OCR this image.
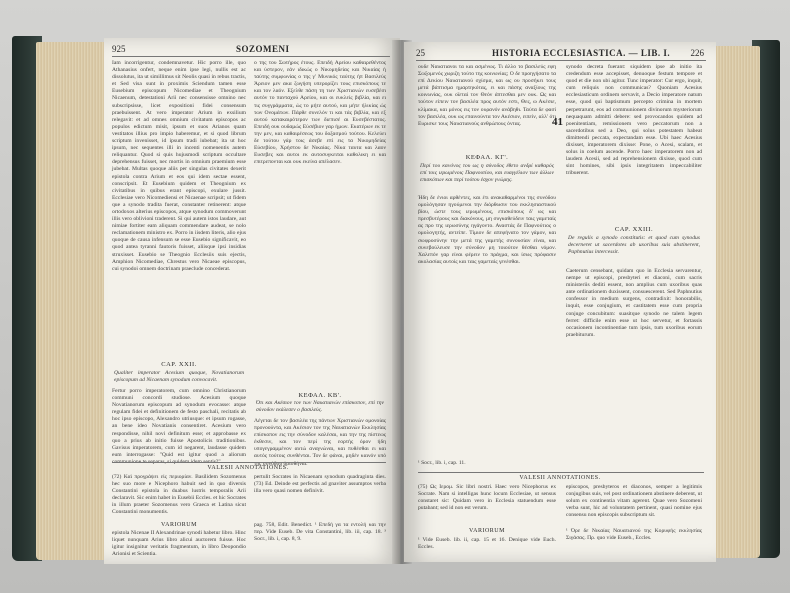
925	SOZOMENI
Iam incorrigentur, condemnavetur. Hic porro ille, quo Athanasius onfert, neque enim ipse legi, nullis est ac dissolutus, ita ut simillimus sit Neolis quasi in rebus tractis, et Sed visa sunt in proximis Sciendum tamen esse Eusebium episcopum Nicomediae et Theognium Nicaenum, detestationi Arii nec consensisse omnino nec subscripsisse, licet expositioni fidei consensum praebuissent. At vero imperator Arium in exsilium relegavit: et ad omnes omnium civitatum episcopos ac populos edictum misit, ipsum et suos Arianos quam vestitatos illius pro impio haberemur, et si quod librum scriptum invenisset, id ipsum tradi iubebat; ita ut hoc ipsum, nec sequentes illi in incenti nomenentis autem reliquantur. Quod si quis hujusmodi scriptum occultare deprehensus fuisset, nec mortis in omnium praemium esse jubebat. Multas quoque aliis per singulas civitates dexerit epistola contra Arium et eos qui idem sectae essent, conscripsit. Et Eusebium quidem et Theognium ex civitatibus in quibus erant episcopi, exulare jussit. Ecclesiae vero Nicomediensi et Nicaenae scripsit; ut fidem que a synodo tradita fuerat, constanter retinerent: atque ortodoxos alterius episcopos, atque synodum commoverunt illis vero oblivioni traderent. Si qui autem istos laudare, aut nimiae fortiter eam aliquam commendare audeat, se nolo reclamationem ministro ex. Porro in iisdem literis, alio ejus quoque de causa infensum se esse Eusebio significavit, eo quod antea tyranni fautoris fuisset, aliisque ipsi insidias struxisset. Eusebio se Theognio Ecclesiis suis ejectis, Amphion Nicomediae, Chrestus vero Nicaeae episcopus, cui synodoi omnem doctrinam praeclude concederat.
CAP. XXII.
Qualiter imperator Acesium quoque, Novatianorum episcopum ad Nicaenam synodum convocavit.
Fertur porro imperatorem, cum omnino Christianorum communi concordi studiose. Acesium quoque Novatianorum episcopum ad synodum evocasse: atque regulam fidei et definitionem de festo paschali, recitatis ab hoc ipso episcopo, Alexandro utriusque: et ipsum rogasse, an bene ideo Novatianis consentiret. Acesium vero respondisse, nihil novi definitum esse; et approbasse ex quo a prius ab initio fuisse Apostolicis traditionibus. Gavisus imperatorem, cum id negarent, laudasse quidem eum interrogasse: "Quid est igitur quod a aliorum communione te separas, si quidem idem sentis?"
ο της του Σωτήρος έτους. Επειδή Αρείου καθαιρεθέντος και ύστερον, εάν ιδικώς ο Νικομηδείας και Νικαίας ή ταύτης συμφωνίας ο της γ' Μυνικός ταύτης ήπ Βασιλεύς Άρειον μεν ακα ζωγήση υπερορίζει τους επισκόπους τε και τον λαόν. Εξελθε πάση τη των Χριστιανών ευσεβέσι αυτόν το πανταχού Αρείου, και οι ευκλείς βιβλία, και ει τις συγγράμματα, ώς το μήτε αυτού, και μήτε ήλικίας ώς των Ονομάτων. Πάρθε συνελόν τι και τάς βιβλία, και εξ αυτού κατακαιρότερον των διεπισέ αι Ευσεβέστατος. Επειδή ουκ ουδαμώς Εύσέβιον γαρ ήμων. Εκατέρων εκ τε την μεν, και καθαιρέσεως του δοξασμού τούτου. Κελεύει δε τούτου γάρ τοις άσεβε επί εις τα Νικομηδείας Εύσεβίου, Χρήστου δε Νικαίας. Νίκα ταυτα και λαον Ευσεβες και αυτοι εκ αυτοσυγκειται καθολικη ει και επιτρεπονται και ουκ εκείνα απέλασεν.
ΚΕΦΑΛ. ΚΒ'.
Ότι και Ακέσιον τον των Ναυατιανών επίσκοπον, επί την σύνοδον εκάλεσεν ο βασιλεύς.
Λέγεται δε τον βασιλέα της πάντων Χριστιανών ομονοίας προνοούντα, και Ακέσιον τον της Ναυατιανών Εκκλησίας επίσκοπον εις την σύνοδον καλέσαι, και την της πίστεως έκθεσιν, και τον περί της εορτής όρον ήδη υπογεγραμμένον αυτώ αναγνώναι, και πυθέσθαι ει και αυτός τούτοις συνθένται. Τον δε φάναι, μηδέν καινόν υπό της συνόδου όρισθήναι.
VALESII ANNOTATIONES.
(72) Καὶ προγράψει εἰς περιορίαν. Basilidem Sozomenus hec suo more e Nicephoro habuit sed in quo diversis Constantini epistola in duabus lustris temporalis Arii declaravit. Sic enim habet in Eusebii Eccles. et hic Socrates in illum praeter Sozomenus vero Graeca et Latina sicut Constantini monumentis.
pertulit Socrates in Nicaenam synodum quadraginta dies. (73) Ed. Deinde est perfectis ad gnaviter assumptos verba illa vero quasi nomen definivit.
VARIORUM
epistola Nicenae II Alexandrinae synodi habetur libro. Hinc liquet nunquam Arius libro alicui auctorem fuisse. Hoc igitur insignitur veritatis fragmentum, in libro Deopondio Arionisi et Scientia.
pag. 758, Edit. Benedict. ¹ Επεδή γα τα εντολή και την περ. Vide Euseb. De vita Constantini, lib. iii, cap. 18. ³ Socr., lib. i, cap. 8, 9.
25	HISTORIA ECCLESIASTICA. — LIB. I. 226
ουδε Ναυατιανοι τα και ασμένως. Τι άλλο το βασιλεύς εφη Σωξομενός χωριζη τούτο της κοινωνίας; Ο δε προηγήσατο τα επί Δεκίου Ναυατιανού σχίσμα, και ως ου προσήκει τους μετά βάπτισμα ημαρτηκότας, ει και πάσης αναξίους της κοινωνίας, ουκ οϊεταί τον Θεόν άπτεσθαι μεν ουκ. Ως και τούτον είπειν τον βασιλέα προς αυτόν εστι, Θες, ω Ακέσιε, κλίμακα, και μόνος εις τον ουρανόν ανάβηθι. Ταύτα δε φασί τον βασιλέα, ουκ ως επαινούντα τον Ακέσιον, ειπείν, αλλ' ότι Ευρισκε τους Ναυατιανούς ανθρώπους όντας.
ΚΕΦΑΛ. ΚΓ'.
Περί του κανόνος του ως η σύνοδος έθετο ανδρί καθαρός επί τοις ιερωμένοις Παφνουτίου, και ευαγγέλιον των άλλων επισκόπων και περί τούτου έσχον γνώμης.
Ήδη δε ένιοι αρθέντες, και έτι ανακαθαρμένοι της συνόδου ομολόγησαν ηγούμενοι την διόρθωσιν του εκκλησιαστικού βίου, ώστε τους ιερωμένους, επισκόπους δ' ως και πρεσβυτέρους και διακόνους, μη συγκαθεύδειν ταις γαμεταίς ας προ της ιερωσύνης ηγάγοντο. Αναστάς δε Παφνούτιος ο ομολογητής, αντείπε. Τίμιον δε απεφήνατο τον γάμον, και σωφροσύνην την μετά της γαμετής συνουσίαν είναι, και συνεβούλευσε την σύνοδον μη τοιούτον θέσθαι νόμον. Χαλεπόν γαρ είναι φέρειν το πράγμα, και ίσως πρόφασιν ακολασίας αυτοίς και ταις γαμεταίς γενέσθαι.
¹ Socr., lib. i, cap. 11.
synodo decreta fuerant: siquidem ipse ab initio ita credendum esse accepisset, denuoque festum tempore et quod et die non ubi agitur. Tunc imperator: Cur ergo, inquit, cum reliquis non communicas? Quoniam Acesius ecclesiasticum ordinem servavit, a Decio imperatore natum esse, quod qui baptismum percepto crimina in mortem perpetrarunt, eos ad communionem divinorum mysteriorum nequaquam admitti debere: sed provocandos quidem ad poenitentiam, remissionem vero peccatorum non a sacerdotibus sed a Deo, qui solus potestatem habeat dimittendi peccata, expectandam esse. Ubi haec Acesius dixisset, imperatorem dixisse: Pone, o Acesi, scalam, et solus in coelum ascende. Porro haec imperatorem non ad laudem Acesii, sed ad reprehensionem dixisse, quod cum sint homines, sibi ipsis integritatem impeccabiliter tribuerent.
41
CAP. XXIII.
De regulis a synodo constitutis: et quod cum synodus decerneret ut sacerdotes ab uxoribus suis abstinerent, Paphnutius intercessit.
Caeterum censebant, quidam quo in Ecclesia servarentur, nempe ut episcopi, presbyteri et diaconi, cum sacris ministeriis dediti essent, non amplius cum uxoribus quas ante ordinationem duxissent, consuescerent. Sed Paphnutius confessor in medium surgens, contradixit: honorabilis, inquit, esse conjugium, et castitatem esse cum propria conjuge concubitum: suasitque synodo ne talem legem ferret: difficile enim esse ut hoc servetur, et fortassis occasionem incontinentiae tum ipsis, tum uxoribus eorum praebiturum.
VALESII ANNOTATIONES.
(75) Ως Ιερομ. Sic libri nostri. Haec vero Nicephorus ex Socrate. Nam si intelligas hunc locum Ecclesiae, ut sensus constaret sic: Quidam vero in Ecclesia statuendum esse putabant; sed id non est verum.
episcopos, presbyteros et diaconos, semper a legitimis conjugibus suis, vel post ordinationem abstinere deberent, ut solum ex continentia vitam agerent. Quae vero Sozomeni verba sunt, hic ad voluntatem pertinent, quasi nomine ejus consensu non episcopis subscriptum sit.
VARIORUM
¹ Vide Euseb. lib. ii, cap. 15 et 16. Denique vide Euch. Eccles.
¹ Όρε δε Νικαίας Ναυατιανού της Κορυφής εκκλησίας Σιγάσας. Πρ. quo vide Euseb., Eccles.
